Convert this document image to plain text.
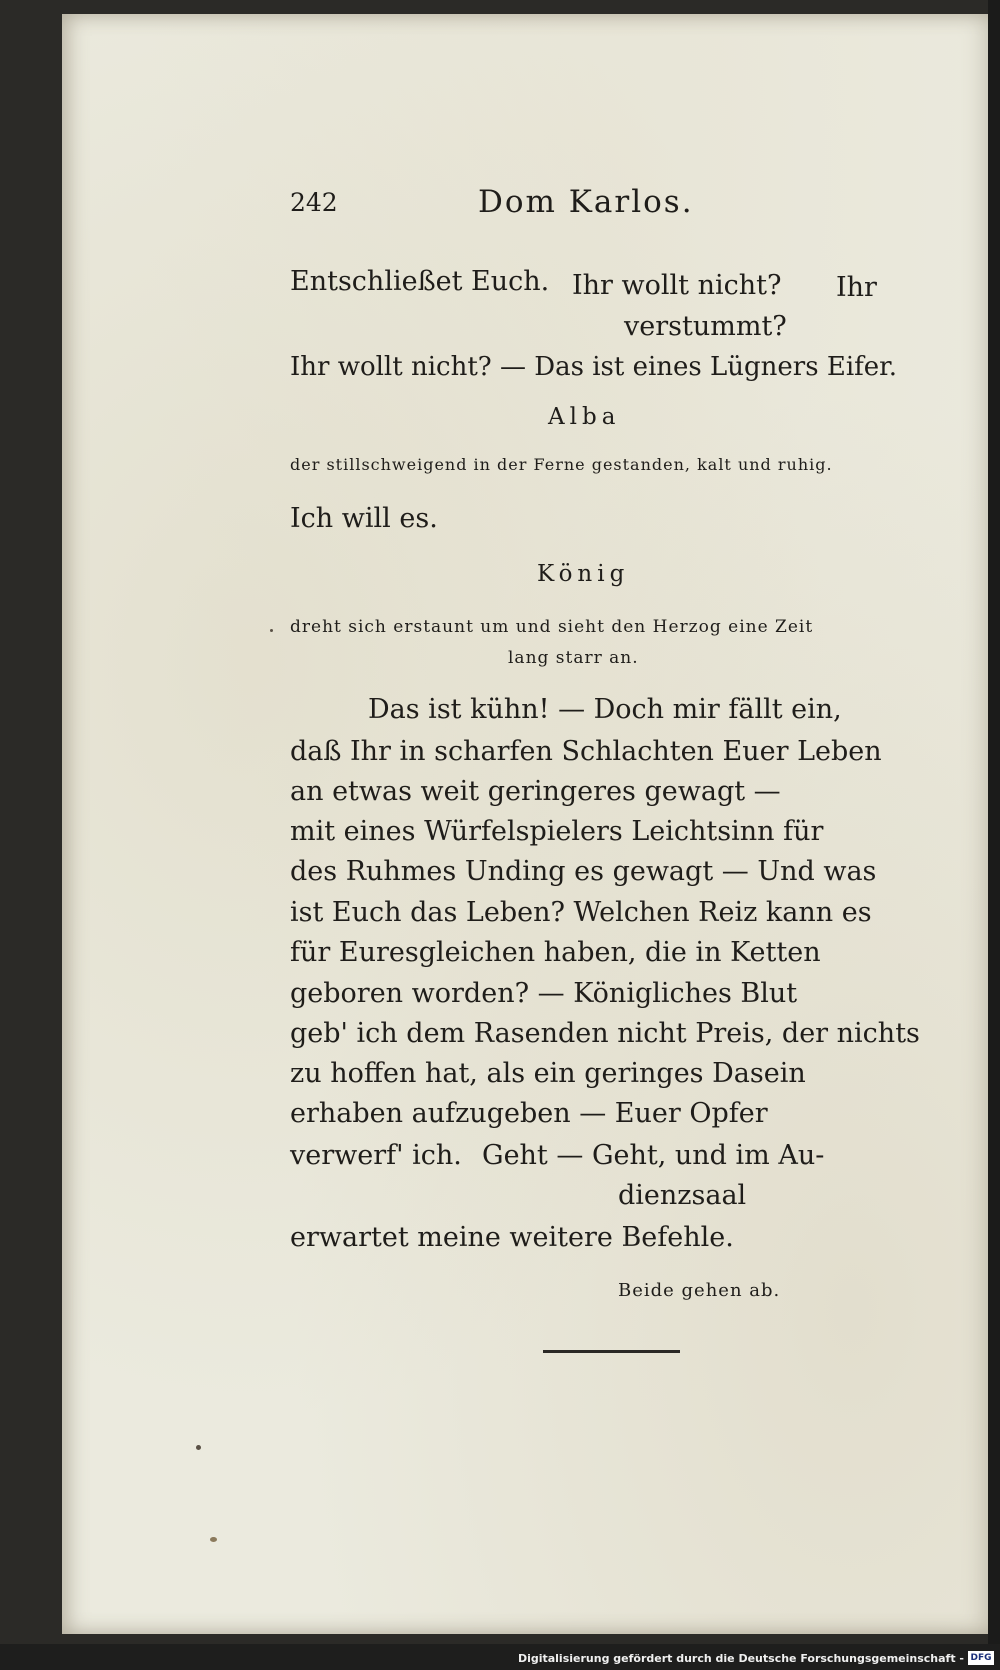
242	Dom Karlos.
Entschließet Euch. Ihr wollt nicht? Ihr
verstummt?
Ihr wollt nicht? — Das ist eines Lügners Eifer.
Alba
der stillschweigend in der Ferne gestanden, kalt und ruhig.
Ich will es.
König
dreht sich erstaunt um und sieht den Herzog eine Zeit
lang starr an.
Das ist kühn! — Doch mir fällt ein,
daß Ihr in scharfen Schlachten Euer Leben
an etwas weit geringeres gewagt —
mit eines Würfelspielers Leichtsinn für
des Ruhmes Unding es gewagt — Und was
ist Euch das Leben? Welchen Reiz kann es
für Euresgleichen haben, die in Ketten
geboren worden? — Königliches Blut
geb' ich dem Rasenden nicht Preis, der nichts
zu hoffen hat, als ein geringes Dasein
erhaben aufzugeben — Euer Opfer
verwerf' ich. Geht — Geht, und im Au-
dienzsaal
erwartet meine weitere Befehle.
Beide gehen ab.
Digitalisierung gefördert durch die Deutsche Forschungsgemeinschaft - DFG
